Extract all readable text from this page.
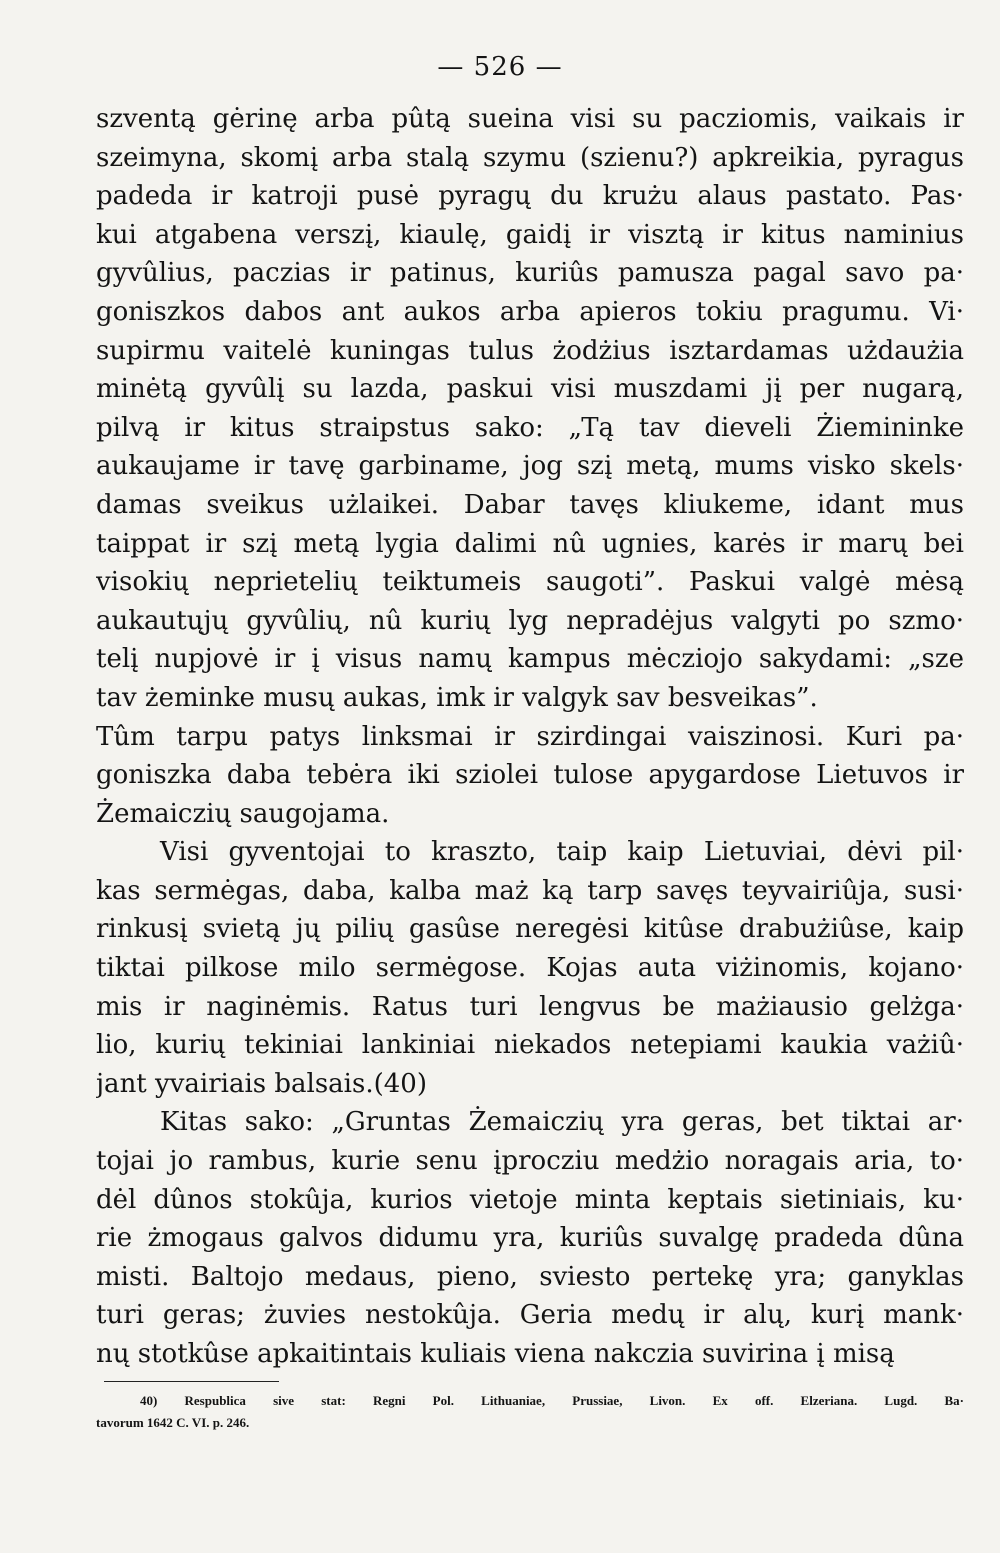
— 526 —
szventą gėrinę arba pûtą sueina visi su pacziomis, vaikais ir
szeimyna, skomį arba stalą szymu (szienu?) apkreikia, pyragus
padeda ir katroji pusė pyragų du krużu alaus pastato. Pas·
kui atgabena verszį, kiaulę, gaidį ir visztą ir kitus naminius
gyvûlius, paczias ir patinus, kuriûs pamusza pagal savo pa·
goniszkos dabos ant aukos arba apieros tokiu pragumu. Vi·
supirmu vaitelė kuningas tulus żodżius isztardamas użdaużia
minėtą gyvûlį su lazda, paskui visi muszdami jį per nugarą,
pilvą ir kitus straipstus sako: „Tą tav dieveli Żiemininke
aukaujame ir tavę garbiname, jog szį metą, mums visko skels·
damas sveikus użlaikei. Dabar tavęs kliukeme, idant mus
taippat ir szį metą lygia dalimi nû ugnies, karės ir marų bei
visokių neprietelių teiktumeis saugoti”. Paskui valgė mėsą
aukautųjų gyvûlių, nû kurių lyg nepradėjus valgyti po szmo·
telį nupjovė ir į visus namų kampus mėcziojo sakydami: „sze
tav żeminke musų aukas, imk ir valgyk sav besveikas”.
Tûm tarpu patys linksmai ir szirdingai vaiszinosi. Kuri pa·
goniszka daba tebėra iki sziolei tulose apygardose Lietuvos ir
Żemaiczių saugojama.
Visi gyventojai to kraszto, taip kaip Lietuviai, dėvi pil·
kas sermėgas, daba, kalba maż ką tarp savęs teyvairiûja, susi·
rinkusį svietą jų pilių gasûse neregėsi kitûse drabużiûse, kaip
tiktai pilkose milo sermėgose. Kojas auta viżinomis, kojano·
mis ir naginėmis. Ratus turi lengvus be mażiausio gelżga·
lio, kurių tekiniai lankiniai niekados netepiami kaukia vażiû·
jant yvairiais balsais.(40)
Kitas sako: „Gruntas Żemaiczių yra geras, bet tiktai ar·
tojai jo rambus, kurie senu įprocziu medżio noragais aria, to·
dėl dûnos stokûja, kurios vietoje minta keptais sietiniais, ku·
rie żmogaus galvos didumu yra, kuriûs suvalgę pradeda dûna
misti. Baltojo medaus, pieno, sviesto pertekę yra; ganyklas
turi geras; żuvies nestokûja. Geria medų ir alų, kurį mank·
nų stotkûse apkaitintais kuliais viena nakczia suvirina į misą
40) Respublica sive stat: Regni Pol. Lithuaniae, Prussiae, Livon. Ex off. Elzeriana. Lugd. Ba·
tavorum 1642 C. VI. p. 246.
